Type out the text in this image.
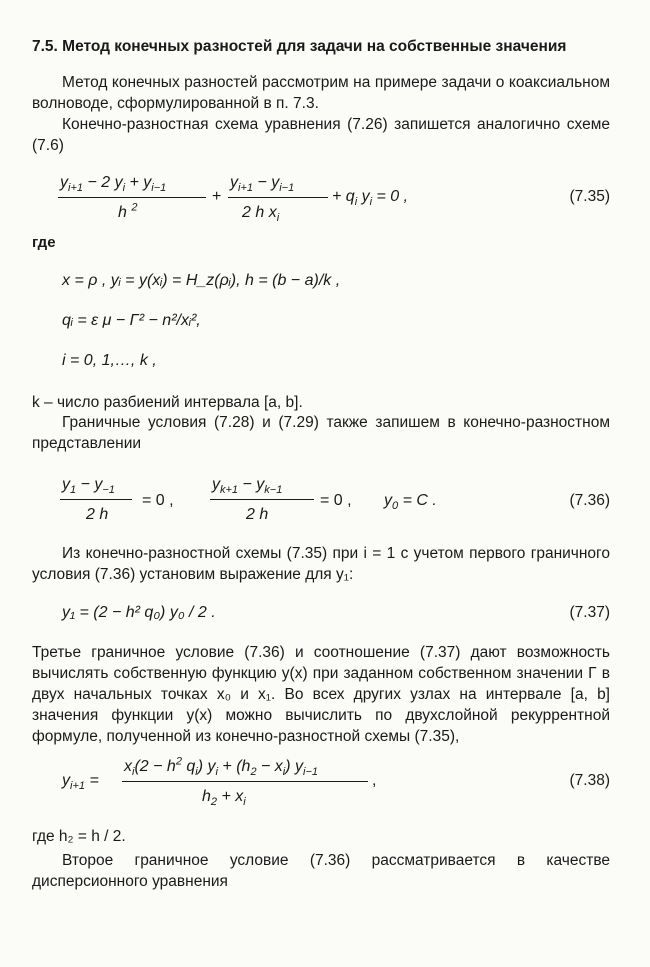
7.5. Метод конечных разностей для задачи на собственные значения
Метод конечных разностей рассмотрим на примере задачи о коаксиальном волноводе, сформулированной в п. 7.3.
Конечно-разностная схема уравнения (7.26) запишется аналогично схеме (7.6)
$y_{i+1} - 2$ $y_i + y_{i-1}$
h $^2$
+
$y_{i+1} - y_{i-1}$
2 h $x_i$
+ $q_i$ $y_i = 0$ ,	(7.35)
где
x = ρ , yᵢ = y(xᵢ) = H_z(ρᵢ), h = (b − a)/k ,
qᵢ = ε μ − Γ² − n²/xᵢ²,
i = 0, 1,…, k ,
k – число разбиений интервала [a, b].
Граничные условия (7.28) и (7.29) также запишем в конечно-разностном представлении
$y_1 - y_{-1}$
2 h
= 0 ,
$y_{k+1} - y_{k-1}$
2 h
= 0 , $y_0 = C$ .	(7.36)
Из конечно-разностной схемы (7.35) при i = 1 с учетом первого граничного условия (7.36) установим выражение для y₁:
y₁ = (2 − h² q₀) y₀ / 2 .	(7.37)
Третье граничное условие (7.36) и соотношение (7.37) дают возможность вычислять собственную функцию y(x) при заданном собственном значении Γ в двух начальных точках x₀ и x₁. Во всех других узлах на интервале [a, b] значения функции y(x) можно вычислить по двухслойной рекуррентной формуле, полученной из конечно-разностной схемы (7.35),
$y_{i+1}$ =
$x_i(2 - h^2$ $q_i$) $y_i + (h_2 - x_i)$ $y_{i-1}$
$h_2 + x_i$
,	(7.38)
где h₂ = h / 2.
Второе граничное условие (7.36) рассматривается в качестве дисперсионного уравнения
